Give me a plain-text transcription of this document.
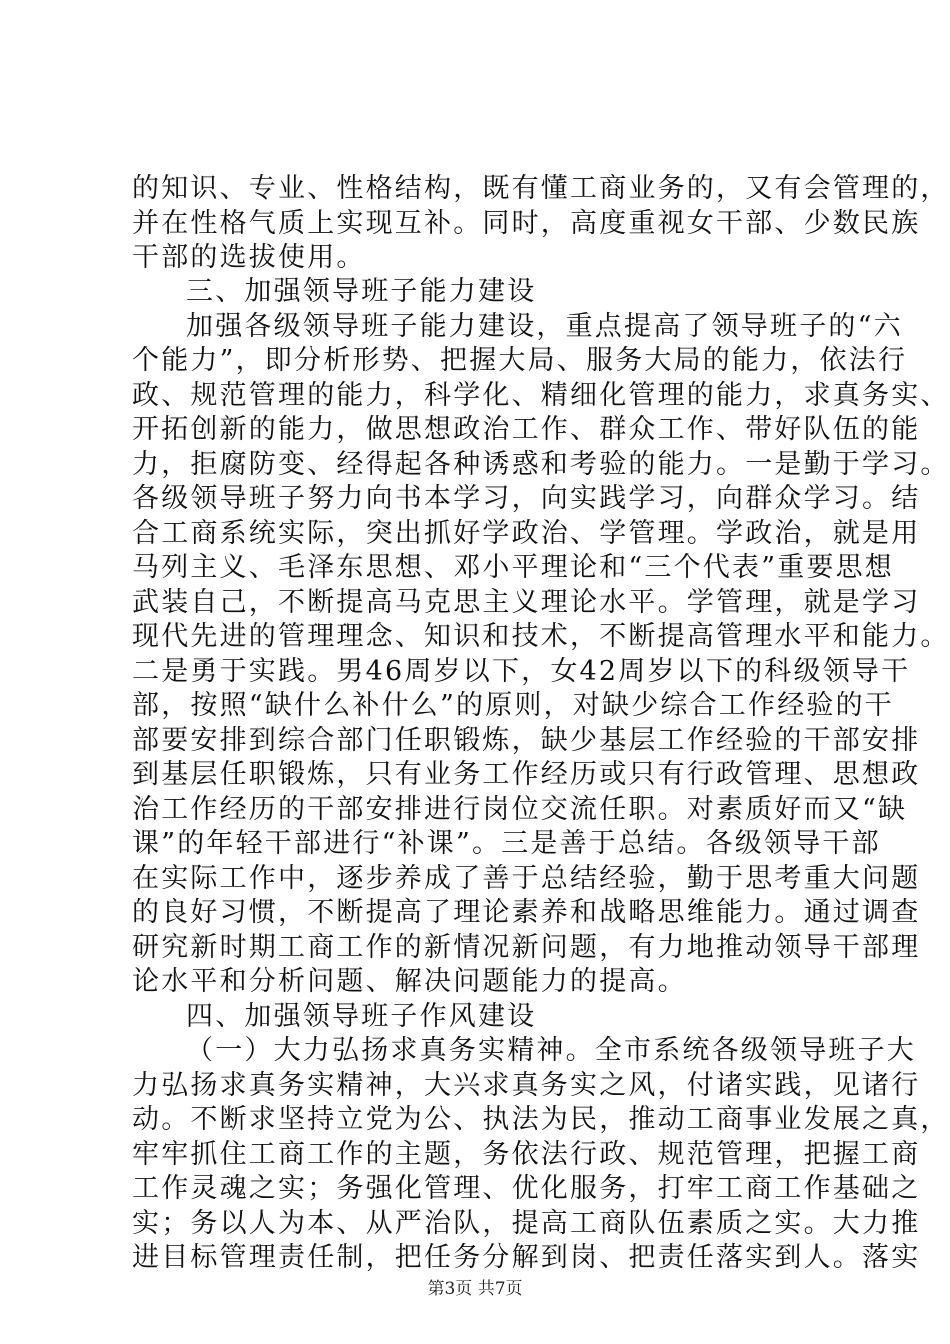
的知识、专业、性格结构，既有懂工商业务的，又有会管理的，
并在性格气质上实现互补。同时，高度重视女干部、少数民族
干部的选拔使用。
三、加强领导班子能力建设
加强各级领导班子能力建设，重点提高了领导班子的“六
个能力”，即分析形势、把握大局、服务大局的能力，依法行
政、规范管理的能力，科学化、精细化管理的能力，求真务实、
开拓创新的能力，做思想政治工作、群众工作、带好队伍的能
力，拒腐防变、经得起各种诱惑和考验的能力。一是勤于学习。
各级领导班子努力向书本学习，向实践学习，向群众学习。结
合工商系统实际，突出抓好学政治、学管理。学政治，就是用
马列主义、毛泽东思想、邓小平理论和“三个代表”重要思想
武装自己，不断提高马克思主义理论水平。学管理，就是学习
现代先进的管理理念、知识和技术，不断提高管理水平和能力。
二是勇于实践。男46周岁以下，女42周岁以下的科级领导干
部，按照“缺什么补什么”的原则，对缺少综合工作经验的干
部要安排到综合部门任职锻炼，缺少基层工作经验的干部安排
到基层任职锻炼，只有业务工作经历或只有行政管理、思想政
治工作经历的干部安排进行岗位交流任职。对素质好而又“缺
课”的年轻干部进行“补课”。三是善于总结。各级领导干部
在实际工作中，逐步养成了善于总结经验，勤于思考重大问题
的良好习惯，不断提高了理论素养和战略思维能力。通过调查
研究新时期工商工作的新情况新问题，有力地推动领导干部理
论水平和分析问题、解决问题能力的提高。
四、加强领导班子作风建设
（一）大力弘扬求真务实精神。全市系统各级领导班子大
力弘扬求真务实精神，大兴求真务实之风，付诸实践，见诸行
动。不断求坚持立党为公、执法为民，推动工商事业发展之真，
牢牢抓住工商工作的主题，务依法行政、规范管理，把握工商
工作灵魂之实；务强化管理、优化服务，打牢工商工作基础之
实；务以人为本、从严治队，提高工商队伍素质之实。大力推
进目标管理责任制，把任务分解到岗、把责任落实到人。落实
第3页 共7页
